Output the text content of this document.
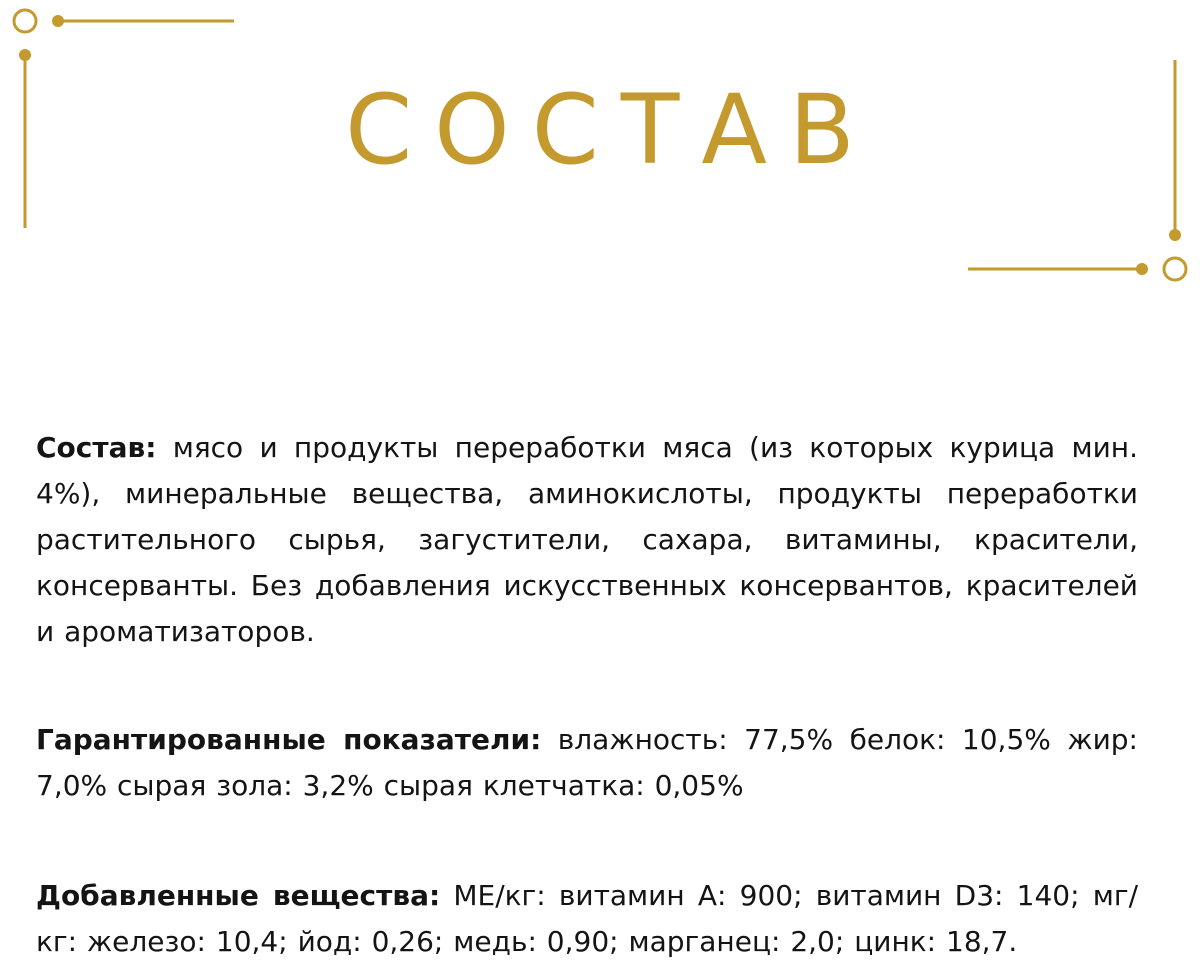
СОСТАВ

Состав: мясо и продукты переработки мяса (из которых курица мин. 4%), минеральные вещества, аминокислоты, продукты переработки растительного сырья, загустители, сахара, витамины, красители, консерванты. Без добавления искусственных консервантов, красителей и ароматизаторов.

Гарантированные показатели: влажность: 77,5% белок: 10,5% жир: 7,0% сырая зола: 3,2% сырая клетчатка: 0,05%

Добавленные вещества: МЕ/кг: витамин А: 900; витамин D3: 140; мг/кг: железо: 10,4; йод: 0,26; медь: 0,90; марганец: 2,0; цинк: 18,7.
